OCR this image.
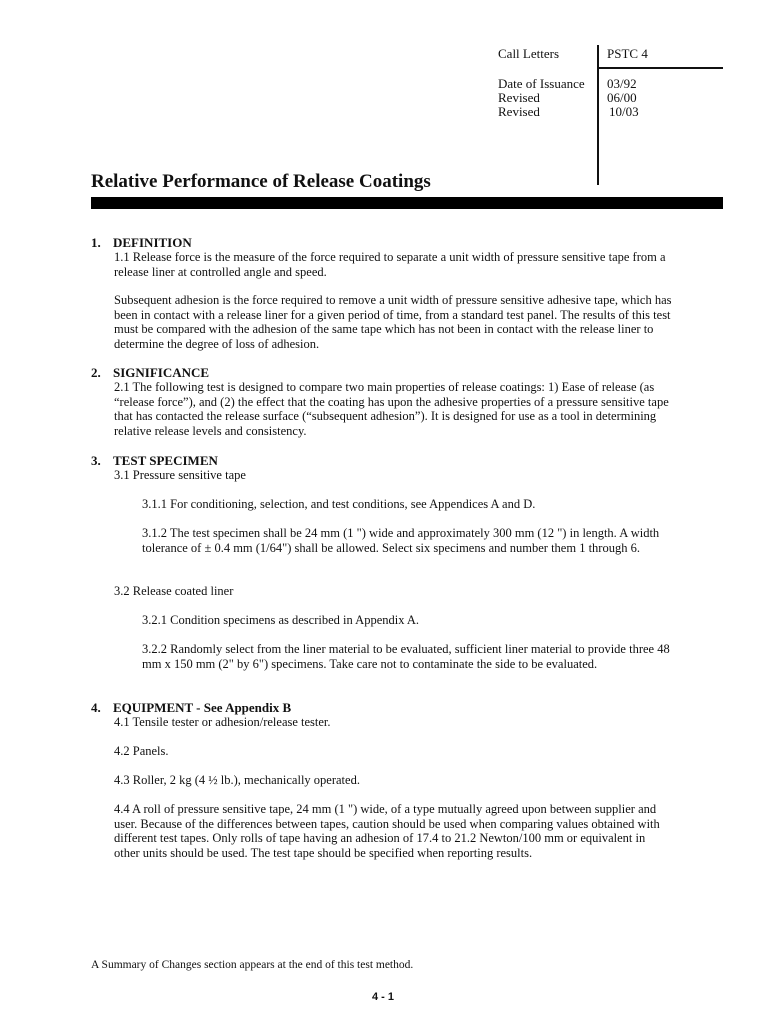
Call Letters	PSTC 4
Date of Issuance 03/92
Revised	06/00
Revised	10/03
Relative Performance of Release Coatings
1. DEFINITION
1.1 Release force is the measure of the force required to separate a unit width of pressure sensitive tape from a release liner at controlled angle and speed.
Subsequent adhesion is the force required to remove a unit width of pressure sensitive adhesive tape, which has been in contact with a release liner for a given period of time, from a standard test panel. The results of this test must be compared with the adhesion of the same tape which has not been in contact with the release liner to determine the degree of loss of adhesion.
2. SIGNIFICANCE
2.1 The following test is designed to compare two main properties of release coatings: 1) Ease of release (as “release force”), and (2) the effect that the coating has upon the adhesive properties of a pressure sensitive tape that has contacted the release surface (“subsequent adhesion”). It is designed for use as a tool in determining relative release levels and consistency.
3. TEST SPECIMEN
3.1 Pressure sensitive tape
3.1.1 For conditioning, selection, and test conditions, see Appendices A and D.
3.1.2 The test specimen shall be 24 mm (1 ") wide and approximately 300 mm (12 ") in length. A width tolerance of ± 0.4 mm (1/64") shall be allowed. Select six specimens and number them 1 through 6.
3.2 Release coated liner
3.2.1 Condition specimens as described in Appendix A.
3.2.2 Randomly select from the liner material to be evaluated, sufficient liner material to provide three 48 mm x 150 mm (2" by 6") specimens. Take care not to contaminate the side to be evaluated.
4. EQUIPMENT - See Appendix B
4.1 Tensile tester or adhesion/release tester.
4.2 Panels.
4.3 Roller, 2 kg (4 ½ lb.), mechanically operated.
4.4 A roll of pressure sensitive tape, 24 mm (1 ") wide, of a type mutually agreed upon between supplier and user. Because of the differences between tapes, caution should be used when comparing values obtained with different test tapes. Only rolls of tape having an adhesion of 17.4 to 21.2 Newton/100 mm or equivalent in other units should be used. The test tape should be specified when reporting results.
A Summary of Changes section appears at the end of this test method.
4 - 1
